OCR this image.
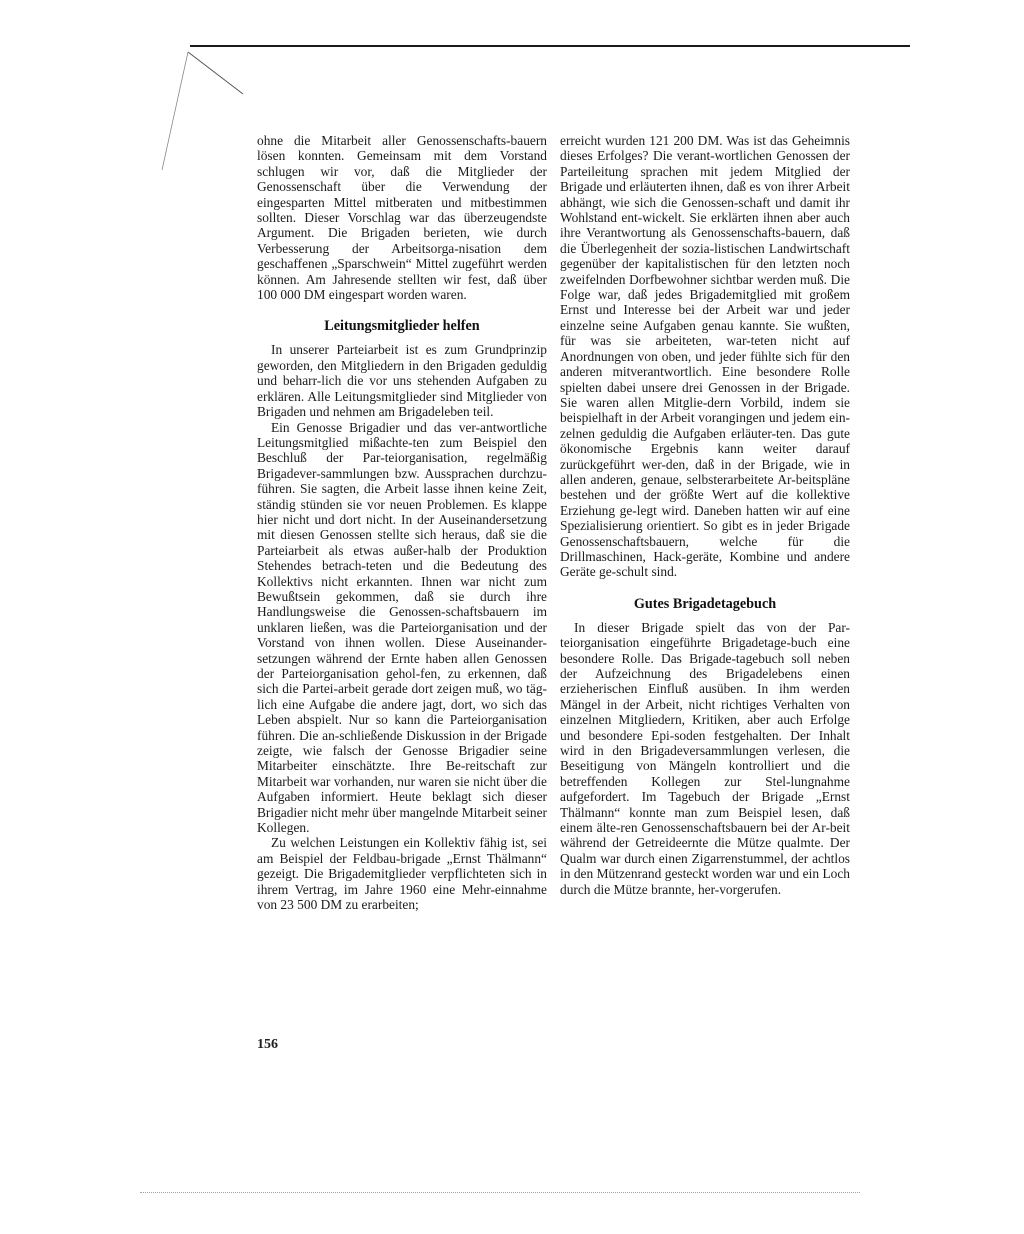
ohne die Mitarbeit aller Genossenschafts-bauern lösen konnten. Gemeinsam mit dem Vorstand schlugen wir vor, daß die Mitglieder der Genossenschaft über die Verwendung der eingesparten Mittel mitberaten und mitbestimmen sollten. Dieser Vorschlag war das überzeugendste Argument. Die Brigaden berieten, wie durch Verbesserung der Arbeitsorga-nisation dem geschaffenen „Sparschwein“ Mittel zugeführt werden können. Am Jahresende stellten wir fest, daß über 100 000 DM eingespart worden waren.

Leitungsmitglieder helfen

In unserer Parteiarbeit ist es zum Grundprinzip geworden, den Mitgliedern in den Brigaden geduldig und beharr-lich die vor uns stehenden Aufgaben zu erklären. Alle Leitungsmitglieder sind Mitglieder von Brigaden und nehmen am Brigadeleben teil.

Ein Genosse Brigadier und das ver-antwortliche Leitungsmitglied mißachte-ten zum Beispiel den Beschluß der Par-teiorganisation, regelmäßig Brigadever-sammlungen bzw. Aussprachen durchzu-führen. Sie sagten, die Arbeit lasse ihnen keine Zeit, ständig stünden sie vor neuen Problemen. Es klappe hier nicht und dort nicht. In der Auseinandersetzung mit diesen Genossen stellte sich heraus, daß sie die Parteiarbeit als etwas außer-halb der Produktion Stehendes betrach-teten und die Bedeutung des Kollektivs nicht erkannten. Ihnen war nicht zum Bewußtsein gekommen, daß sie durch ihre Handlungsweise die Genossen-schaftsbauern im unklaren ließen, was die Parteiorganisation und der Vorstand von ihnen wollen. Diese Auseinander-setzungen während der Ernte haben allen Genossen der Parteiorganisation gehol-fen, zu erkennen, daß sich die Partei-arbeit gerade dort zeigen muß, wo täg-lich eine Aufgabe die andere jagt, dort, wo sich das Leben abspielt. Nur so kann die Parteiorganisation führen. Die an-schließende Diskussion in der Brigade zeigte, wie falsch der Genosse Brigadier seine Mitarbeiter einschätzte. Ihre Be-reitschaft zur Mitarbeit war vorhanden, nur waren sie nicht über die Aufgaben informiert. Heute beklagt sich dieser Brigadier nicht mehr über mangelnde Mitarbeit seiner Kollegen.

Zu welchen Leistungen ein Kollektiv fähig ist, sei am Beispiel der Feldbau-brigade „Ernst Thälmann“ gezeigt. Die Brigademitglieder verpflichteten sich in ihrem Vertrag, im Jahre 1960 eine Mehr-einnahme von 23 500 DM zu erarbeiten;

erreicht wurden 121 200 DM. Was ist das Geheimnis dieses Erfolges? Die verant-wortlichen Genossen der Parteileitung sprachen mit jedem Mitglied der Brigade und erläuterten ihnen, daß es von ihrer Arbeit abhängt, wie sich die Genossen-schaft und damit ihr Wohlstand ent-wickelt. Sie erklärten ihnen aber auch ihre Verantwortung als Genossenschafts-bauern, daß die Überlegenheit der sozia-listischen Landwirtschaft gegenüber der kapitalistischen für den letzten noch zweifelnden Dorfbewohner sichtbar werden muß. Die Folge war, daß jedes Brigademitglied mit großem Ernst und Interesse bei der Arbeit war und jeder einzelne seine Aufgaben genau kannte. Sie wußten, für was sie arbeiteten, war-teten nicht auf Anordnungen von oben, und jeder fühlte sich für den anderen mitverantwortlich. Eine besondere Rolle spielten dabei unsere drei Genossen in der Brigade. Sie waren allen Mitglie-dern Vorbild, indem sie beispielhaft in der Arbeit vorangingen und jedem ein-zelnen geduldig die Aufgaben erläuter-ten. Das gute ökonomische Ergebnis kann weiter darauf zurückgeführt wer-den, daß in der Brigade, wie in allen anderen, genaue, selbsterarbeitete Ar-beitspläne bestehen und der größte Wert auf die kollektive Erziehung ge-legt wird. Daneben hatten wir auf eine Spezialisierung orientiert. So gibt es in jeder Brigade Genossenschaftsbauern, welche für die Drillmaschinen, Hack-geräte, Kombine und andere Geräte ge-schult sind.

Gutes Brigadetagebuch

In dieser Brigade spielt das von der Par-teiorganisation eingeführte Brigadetage-buch eine besondere Rolle. Das Brigade-tagebuch soll neben der Aufzeichnung des Brigadelebens einen erzieherischen Einfluß ausüben. In ihm werden Mängel in der Arbeit, nicht richtiges Verhalten von einzelnen Mitgliedern, Kritiken, aber auch Erfolge und besondere Epi-soden festgehalten. Der Inhalt wird in den Brigadeversammlungen verlesen, die Beseitigung von Mängeln kontrolliert und die betreffenden Kollegen zur Stel-lungnahme aufgefordert. Im Tagebuch der Brigade „Ernst Thälmann“ konnte man zum Beispiel lesen, daß einem älte-ren Genossenschaftsbauern bei der Ar-beit während der Getreideernte die Mütze qualmte. Der Qualm war durch einen Zigarrenstummel, der achtlos in den Mützenrand gesteckt worden war und ein Loch durch die Mütze brannte, her-vorgerufen.

156
